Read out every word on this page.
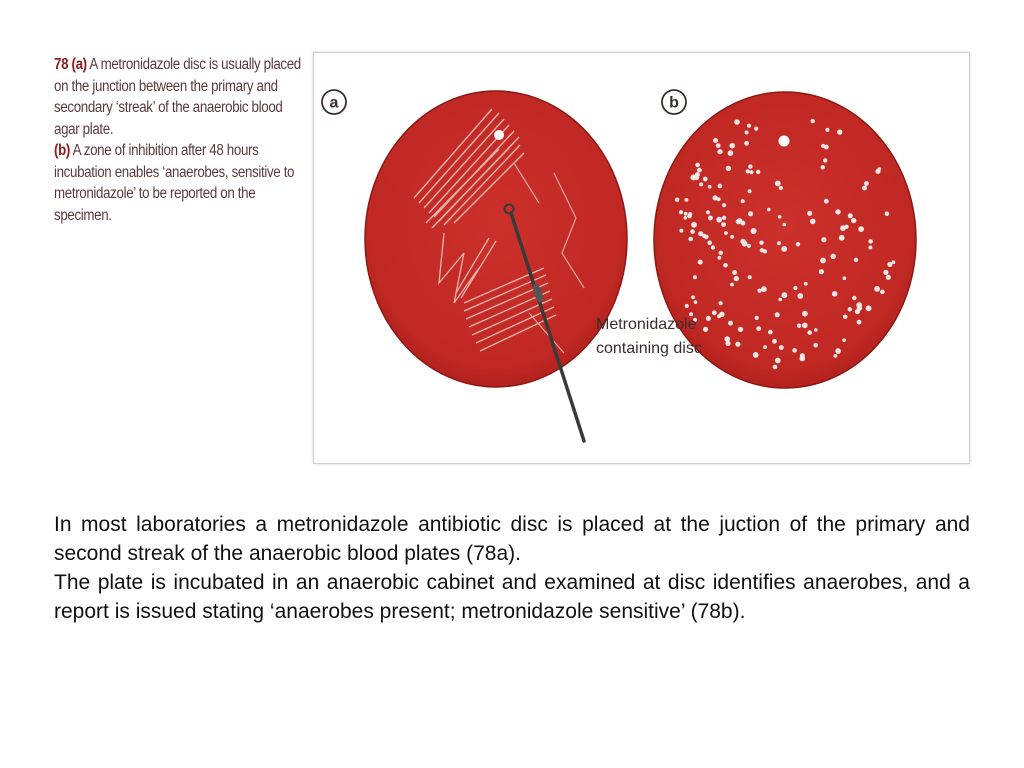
78 (a) A metronidazole disc is usually placed on the junction between the primary and secondary ‘streak’ of the anaerobic blood agar plate.
(b) A zone of inhibition after 48 hours incubation enables ‘anaerobes, sensitive to metronidazole’ to be reported on the specimen.

a	b
Metronidazole
containing disc

In most laboratories a metronidazole antibiotic disc is placed at the juction of the primary and second streak of the anaerobic blood plates (78a).

The plate is incubated in an anaerobic cabinet and examined at disc identifies anaerobes, and a report is issued stating ‘anaerobes present; metronidazole sensitive’ (78b).
